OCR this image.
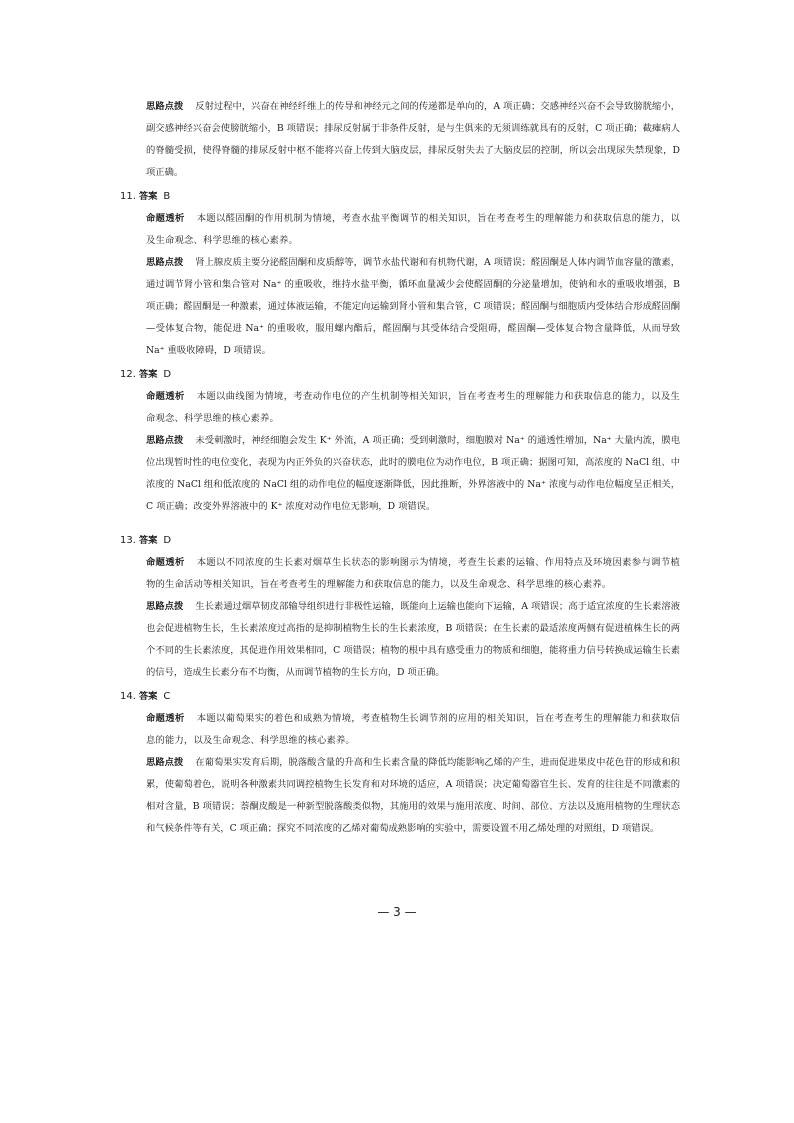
思路点拨 反射过程中，兴奋在神经纤维上的传导和神经元之间的传递都是单向的，A 项正确；交感神经兴奋不会导致膀胱缩小，副交感神经兴奋会使膀胱缩小，B 项错误；排尿反射属于非条件反射，是与生俱来的无须训练就具有的反射，C 项正确；截瘫病人的脊髓受损，使得脊髓的排尿反射中枢不能将兴奋上传到大脑皮层，排尿反射失去了大脑皮层的控制，所以会出现尿失禁现象，D 项正确。

11. 答案 B

命题透析 本题以醛固酮的作用机制为情境，考查水盐平衡调节的相关知识，旨在考查考生的理解能力和获取信息的能力，以及生命观念、科学思维的核心素养。

思路点拨 肾上腺皮质主要分泌醛固酮和皮质醇等，调节水盐代谢和有机物代谢，A 项错误；醛固酮是人体内调节血容量的激素，通过调节肾小管和集合管对 Na⁺ 的重吸收，维持水盐平衡，循环血量减少会使醛固酮的分泌量增加，使钠和水的重吸收增强，B 项正确；醛固酮是一种激素，通过体液运输，不能定向运输到肾小管和集合管，C 项错误；醛固酮与细胞质内受体结合形成醛固酮—受体复合物，能促进 Na⁺ 的重吸收，服用螺内酯后，醛固酮与其受体结合受阻碍，醛固酮—受体复合物含量降低，从而导致 Na⁺ 重吸收障碍，D 项错误。

12. 答案 D

命题透析 本题以曲线图为情境，考查动作电位的产生机制等相关知识，旨在考查考生的理解能力和获取信息的能力，以及生命观念、科学思维的核心素养。

思路点拨 未受刺激时，神经细胞会发生 K⁺ 外流，A 项正确；受到刺激时，细胞膜对 Na⁺ 的通透性增加，Na⁺ 大量内流，膜电位出现暂时性的电位变化，表现为内正外负的兴奋状态，此时的膜电位为动作电位，B 项正确；据图可知，高浓度的 NaCl 组、中浓度的 NaCl 组和低浓度的 NaCl 组的动作电位的幅度逐渐降低，因此推断，外界溶液中的 Na⁺ 浓度与动作电位幅度呈正相关，C 项正确；改变外界溶液中的 K⁺ 浓度对动作电位无影响，D 项错误。

13. 答案 D

命题透析 本题以不同浓度的生长素对烟草生长状态的影响图示为情境，考查生长素的运输、作用特点及环境因素参与调节植物的生命活动等相关知识，旨在考查考生的理解能力和获取信息的能力，以及生命观念、科学思维的核心素养。

思路点拨 生长素通过烟草韧皮部输导组织进行非极性运输，既能向上运输也能向下运输，A 项错误；高于适宜浓度的生长素溶液也会促进植物生长，生长素浓度过高指的是抑制植物生长的生长素浓度，B 项错误；在生长素的最适浓度两侧有促进植株生长的两个不同的生长素浓度，其促进作用效果相同，C 项错误；植物的根中具有感受重力的物质和细胞，能将重力信号转换成运输生长素的信号，造成生长素分布不均衡，从而调节植物的生长方向，D 项正确。

14. 答案 C

命题透析 本题以葡萄果实的着色和成熟为情境，考查植物生长调节剂的应用的相关知识，旨在考查考生的理解能力和获取信息的能力，以及生命观念、科学思维的核心素养。

思路点拨 在葡萄果实发育后期，脱落酸含量的升高和生长素含量的降低均能影响乙烯的产生，进而促进果皮中花色苷的形成和积累，使葡萄着色，说明各种激素共同调控植物生长发育和对环境的适应，A 项错误；决定葡萄器官生长、发育的往往是不同激素的相对含量，B 项错误；萘酮皮酸是一种新型脱落酸类似物，其施用的效果与施用浓度、时间、部位、方法以及施用植物的生理状态和气候条件等有关，C 项正确；探究不同浓度的乙烯对葡萄成熟影响的实验中，需要设置不用乙烯处理的对照组，D 项错误。

— 3 —
